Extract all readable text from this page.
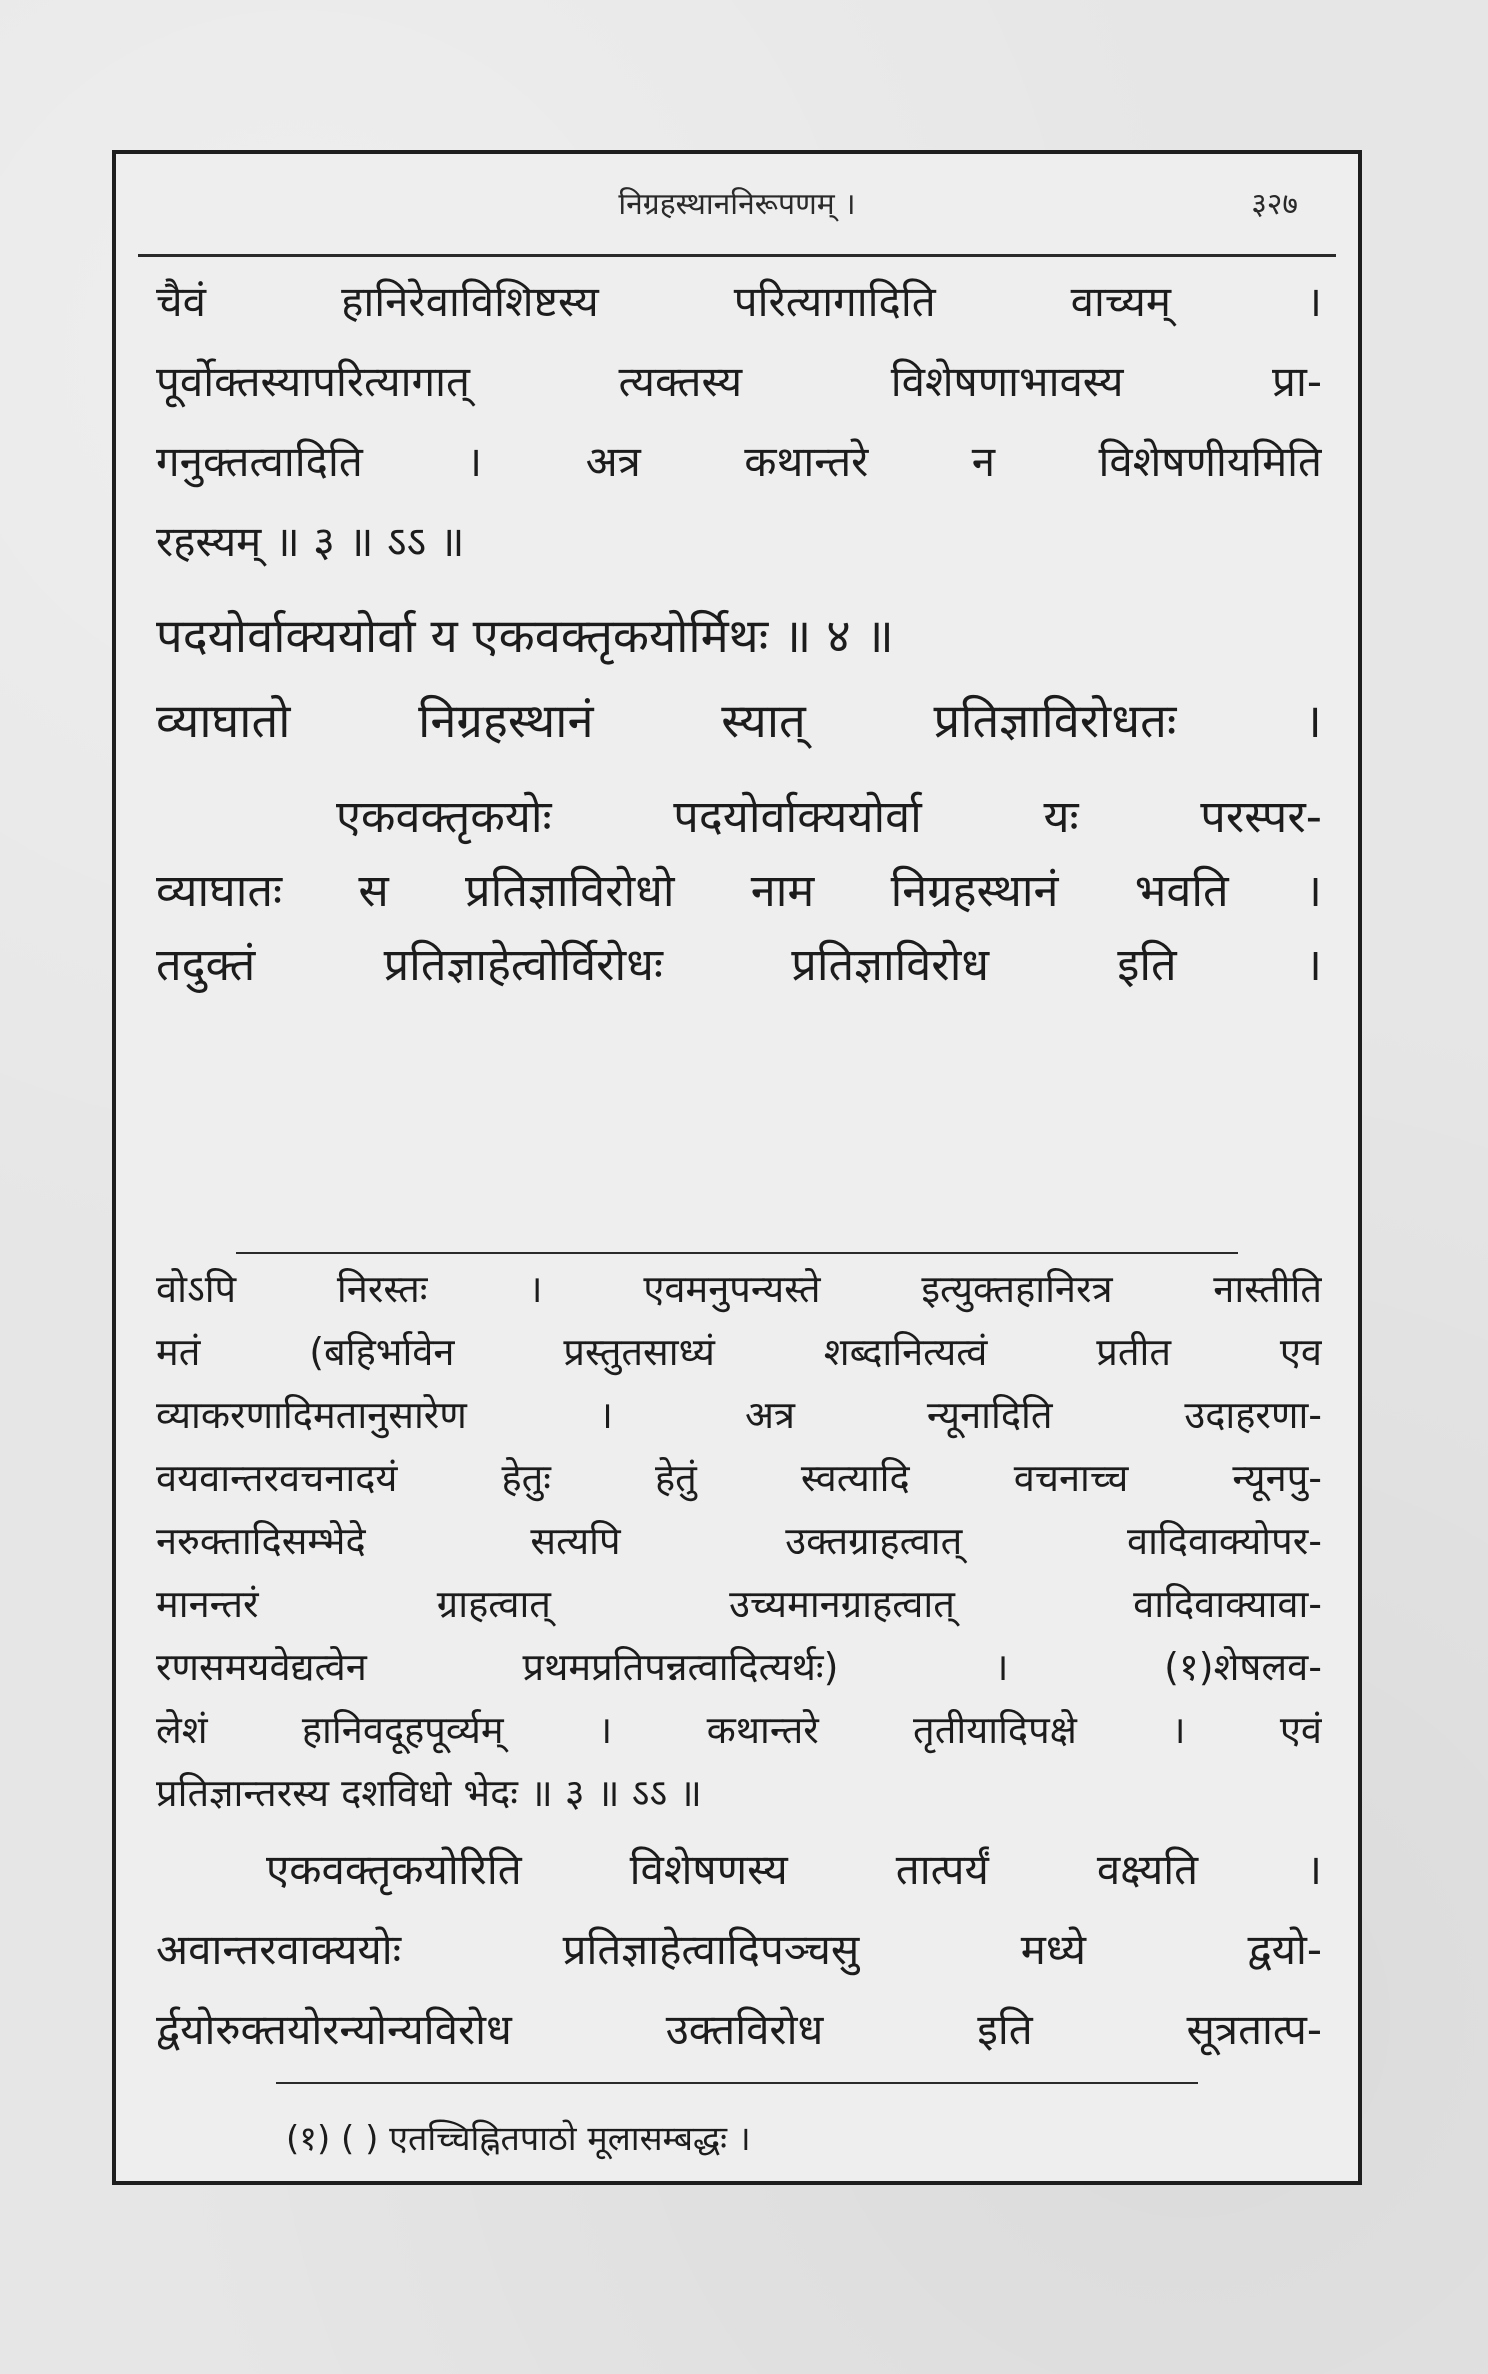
निग्रहस्थाननिरूपणम् ।	३२७
चैवं हानिरेवाविशिष्टस्य परित्यागादिति वाच्यम् ।
पूर्वोक्तस्यापरित्यागात् त्यक्तस्य विशेषणाभावस्य प्रा-
गनुक्तत्वादिति । अत्र कथान्तरे न विशेषणीयमिति
रहस्यम् ॥ ३ ॥ ऽऽ ॥
पदयोर्वाक्ययोर्वा य एकवक्तृकयोर्मिथः ॥ ४ ॥
व्याघातो निग्रहस्थानं स्यात् प्रतिज्ञाविरोधतः ।
एकवक्तृकयोः पदयोर्वाक्ययोर्वा यः परस्पर-
व्याघातः स प्रतिज्ञाविरोधो नाम निग्रहस्थानं भवति ।
तदुक्तं प्रतिज्ञाहेत्वोर्विरोधः प्रतिज्ञाविरोध इति ।
वोऽपि निरस्तः । एवमनुपन्यस्ते इत्युक्तहानिरत्र नास्तीति
मतं (बहिर्भावेन प्रस्तुतसाध्यं शब्दानित्यत्वं प्रतीत एव
व्याकरणादिमतानुसारेण । अत्र न्यूनादिति उदाहरणा-
वयवान्तरवचनादयं हेतुः हेतुं स्वत्यादि वचनाच्च न्यूनपु-
नरुक्तादिसम्भेदे सत्यपि उक्तग्राहत्वात् वादिवाक्योपर-
मानन्तरं ग्राहत्वात् उच्यमानग्राहत्वात् वादिवाक्यावा-
रणसमयवेद्यत्वेन प्रथमप्रतिपन्नत्वादित्यर्थः) । (१)शेषलव-
लेशं हानिवदूहपूर्व्यम् । कथान्तरे तृतीयादिपक्षे । एवं
प्रतिज्ञान्तरस्य दशविधो भेदः ॥ ३ ॥ ऽऽ ॥
एकवक्तृकयोरिति विशेषणस्य तात्पर्यं वक्ष्यति ।
अवान्तरवाक्ययोः प्रतिज्ञाहेत्वादिपञ्चसु मध्ये द्वयो-
र्द्वयोरुक्तयोरन्योन्यविरोध उक्तविरोध इति सूत्रतात्प-
(१) ( ) एतच्चिह्नितपाठो मूलासम्बद्धः ।
